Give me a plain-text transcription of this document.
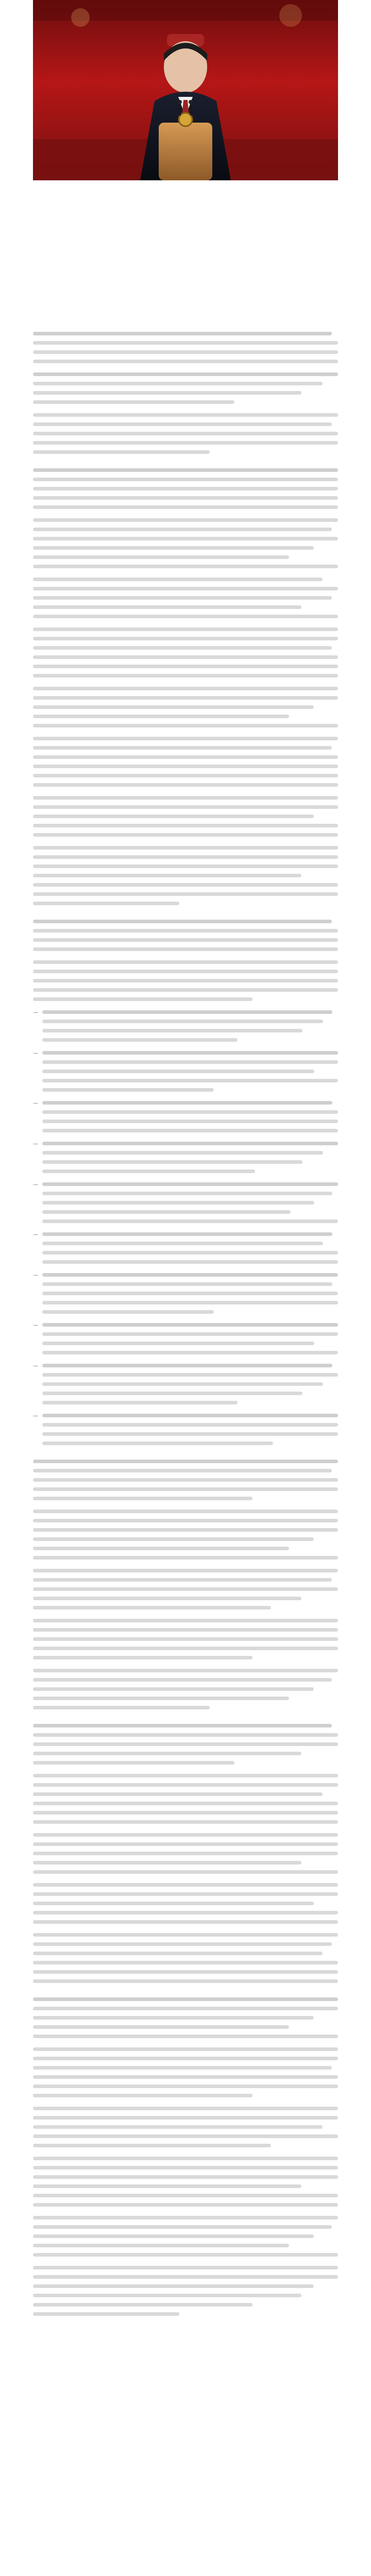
—
—
—
—
—
—
—
—
—
—
